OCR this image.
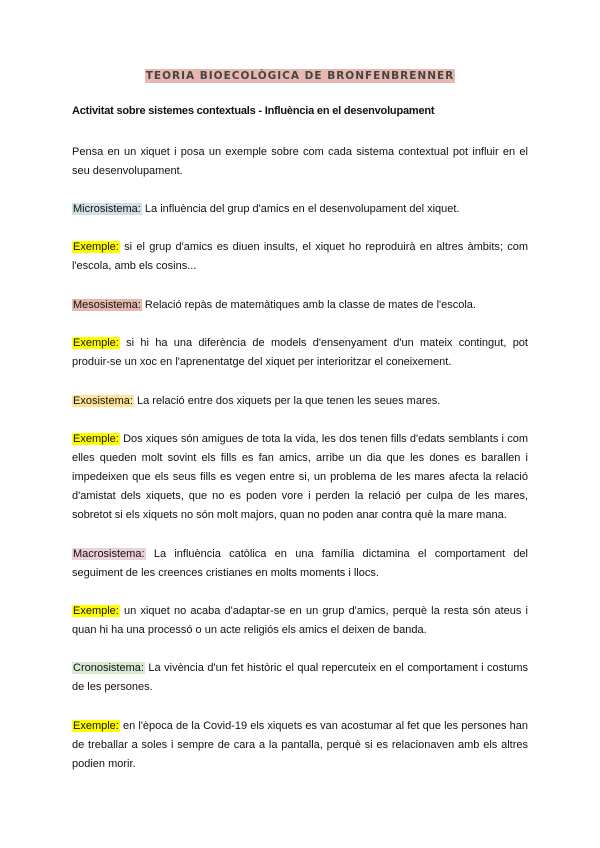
TEORIA BIOECOLÒGICA DE BRONFENBRENNER
Activitat sobre sistemes contextuals - Influència en el desenvolupament
Pensa en un xiquet i posa un exemple sobre com cada sistema contextual pot influir en el seu desenvolupament.
Microsistema: La influència del grup d'amics en el desenvolupament del xiquet.
Exemple: si el grup d'amics es diuen insults, el xiquet ho reproduirà en altres àmbits; com l'escola, amb els cosins...
Mesosistema: Relació repàs de matemàtiques amb la classe de mates de l'escola.
Exemple: si hi ha una diferència de models d'ensenyament d'un mateix contingut, pot produir-se un xoc en l'aprenentatge del xiquet per interioritzar el coneixement.
Exosistema: La relació entre dos xiquets per la que tenen les seues mares.
Exemple: Dos xiques són amigues de tota la vida, les dos tenen fills d'edats semblants i com elles queden molt sovint els fills es fan amics, arribe un dia que les dones es barallen i impedeixen que els seus fills es vegen entre si, un problema de les mares afecta la relació d'amistat dels xiquets, que no es poden vore i perden la relació per culpa de les mares, sobretot si els xiquets no són molt majors, quan no poden anar contra què la mare mana.
Macrosistema: La influència catòlica en una família dictamina el comportament del seguiment de les creences cristianes en molts moments i llocs.
Exemple: un xiquet no acaba d'adaptar-se en un grup d'amics, perquè la resta són ateus i quan hi ha una processó o un acte religiós els amics el deixen de banda.
Cronosistema: La vivència d'un fet històric el qual repercuteix en el comportament i costums de les persones.
Exemple: en l'època de la Covid-19 els xiquets es van acostumar al fet que les persones han de treballar a soles i sempre de cara a la pantalla, perquè si es relacionaven amb els altres podien morir.
